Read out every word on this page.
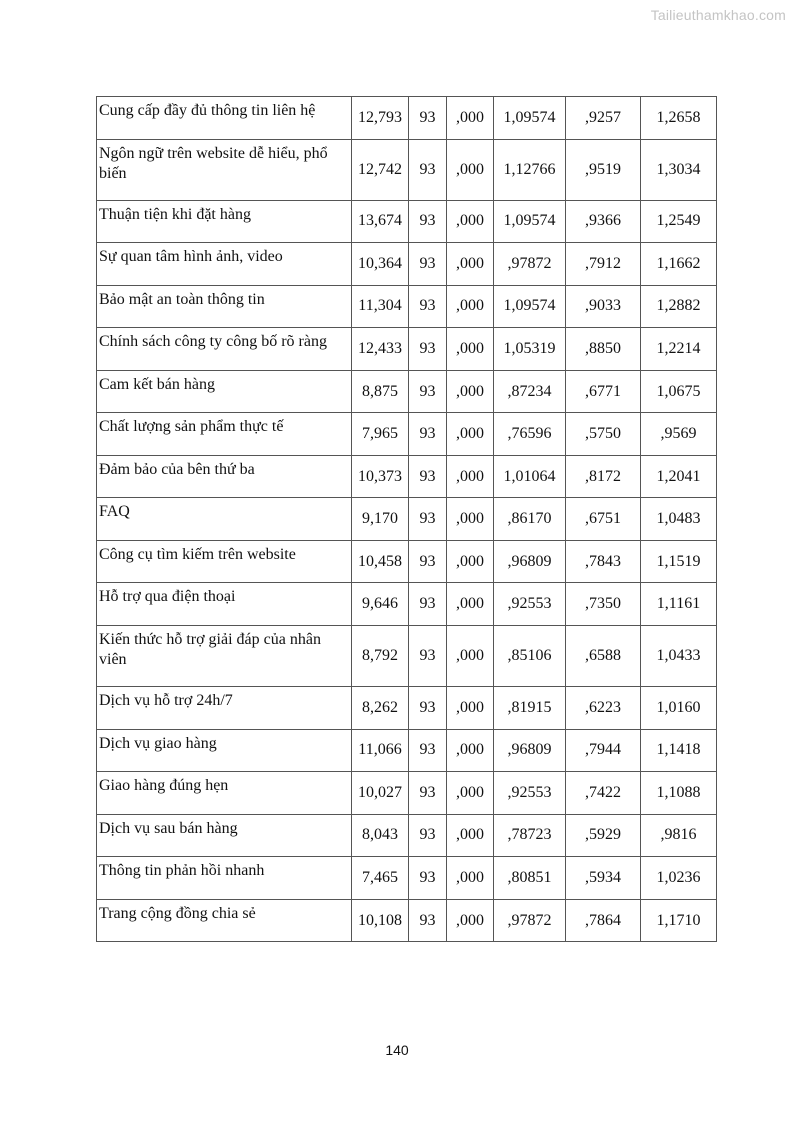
Tailieuthamkhao.com
Cung cấp đầy đủ thông tin liên hệ	12,793	93	,000	1,09574	,9257	1,2658
Ngôn ngữ trên website dễ hiểu, phổ biến	12,742	93	,000	1,12766	,9519	1,3034
Thuận tiện khi đặt hàng	13,674	93	,000	1,09574	,9366	1,2549
Sự quan tâm hình ảnh, video	10,364	93	,000	,97872	,7912	1,1662
Bảo mật an toàn thông tin	11,304	93	,000	1,09574	,9033	1,2882
Chính sách công ty công bố rõ ràng	12,433	93	,000	1,05319	,8850	1,2214
Cam kết bán hàng	8,875	93	,000	,87234	,6771	1,0675
Chất lượng sản phẩm thực tế	7,965	93	,000	,76596	,5750	,9569
Đảm bảo của bên thứ ba	10,373	93	,000	1,01064	,8172	1,2041
FAQ	9,170	93	,000	,86170	,6751	1,0483
Công cụ tìm kiếm trên website	10,458	93	,000	,96809	,7843	1,1519
Hỗ trợ qua điện thoại	9,646	93	,000	,92553	,7350	1,1161
Kiến thức hỗ trợ giải đáp của nhân viên	8,792	93	,000	,85106	,6588	1,0433
Dịch vụ hỗ trợ 24h/7	8,262	93	,000	,81915	,6223	1,0160
Dịch vụ giao hàng	11,066	93	,000	,96809	,7944	1,1418
Giao hàng đúng hẹn	10,027	93	,000	,92553	,7422	1,1088
Dịch vụ sau bán hàng	8,043	93	,000	,78723	,5929	,9816
Thông tin phản hồi nhanh	7,465	93	,000	,80851	,5934	1,0236
Trang cộng đồng chia sẻ	10,108	93	,000	,97872	,7864	1,1710
140
